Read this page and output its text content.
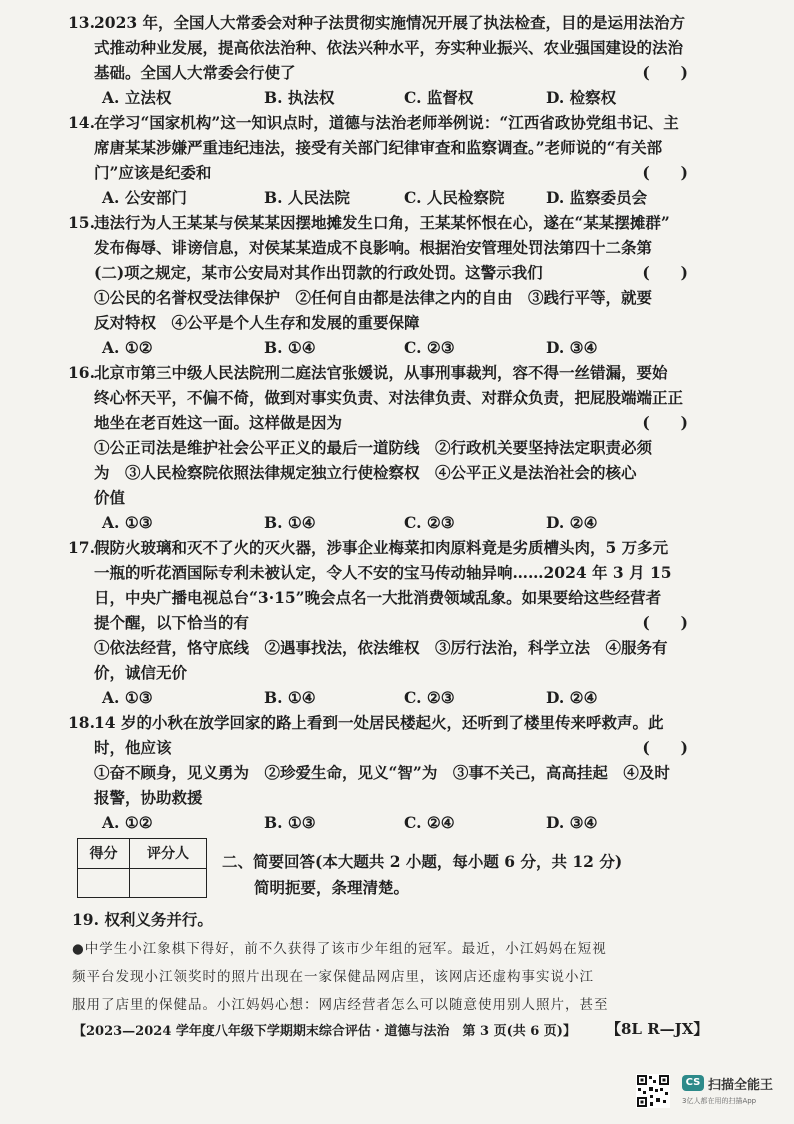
13. 2023 年，全国人大常委会对种子法贯彻实施情况开展了执法检查，目的是运用法治方
式推动种业发展，提高依法治种、依法兴种水平，夯实种业振兴、农业强国建设的法治
基础。全国人大常委会行使了	(　　)
A. 立法权	B. 执法权	C. 监督权	D. 检察权
14. 在学习“国家机构”这一知识点时，道德与法治老师举例说：“江西省政协党组书记、主
席唐某某涉嫌严重违纪违法，接受有关部门纪律审查和监察调查。”老师说的“有关部
门”应该是纪委和	(　　)
A. 公安部门	B. 人民法院	C. 人民检察院	D. 监察委员会
15. 违法行为人王某某与侯某某因摆地摊发生口角，王某某怀恨在心，遂在“某某摆摊群”
发布侮辱、诽谤信息，对侯某某造成不良影响。根据治安管理处罚法第四十二条第
(二)项之规定，某市公安局对其作出罚款的行政处罚。这警示我们	(　　)
①公民的名誉权受法律保护　②任何自由都是法律之内的自由　③践行平等，就要
反对特权　④公平是个人生存和发展的重要保障
A. ①②	B. ①④	C. ②③	D. ③④
16. 北京市第三中级人民法院刑二庭法官张媛说，从事刑事裁判，容不得一丝错漏，要始
终心怀天平，不偏不倚，做到对事实负责、对法律负责、对群众负责，把屁股端端正正
地坐在老百姓这一面。这样做是因为	(　　)
①公正司法是维护社会公平正义的最后一道防线　②行政机关要坚持法定职责必须
为　③人民检察院依照法律规定独立行使检察权　④公平正义是法治社会的核心
价值
A. ①③	B. ①④	C. ②③	D. ②④
17. 假防火玻璃和灭不了火的灭火器，涉事企业梅菜扣肉原料竟是劣质槽头肉，5 万多元
一瓶的听花酒国际专利未被认定，令人不安的宝马传动轴异响……2024 年 3 月 15
日，中央广播电视总台“3·15”晚会点名一大批消费领域乱象。如果要给这些经营者
提个醒，以下恰当的有	(　　)
①依法经营，恪守底线　②遇事找法，依法维权　③厉行法治，科学立法　④服务有
价，诚信无价
A. ①③	B. ①④	C. ②③	D. ②④
18. 14 岁的小秋在放学回家的路上看到一处居民楼起火，还听到了楼里传来呼救声。此
时，他应该	(　　)
①奋不顾身，见义勇为　②珍爱生命，见义“智”为　③事不关己，高高挂起　④及时
报警，协助救援
A. ①②	B. ①③	C. ②④	D. ③④
得分	评分人
	二、简要回答(本大题共 2 小题，每小题 6 分，共 12 分)
简明扼要，条理清楚。
19. 权利义务并行。
●中学生小江象棋下得好，前不久获得了该市少年组的冠军。最近，小江妈妈在短视
频平台发现小江领奖时的照片出现在一家保健品网店里，该网店还虚构事实说小江
服用了店里的保健品。小江妈妈心想：网店经营者怎么可以随意使用别人照片，甚至
【2023—2024 学年度八年级下学期期末综合评估 · 道德与法治　第 3 页(共 6 页)】 【8L R—JX】
CS 扫描全能王
3亿人都在用的扫描App
